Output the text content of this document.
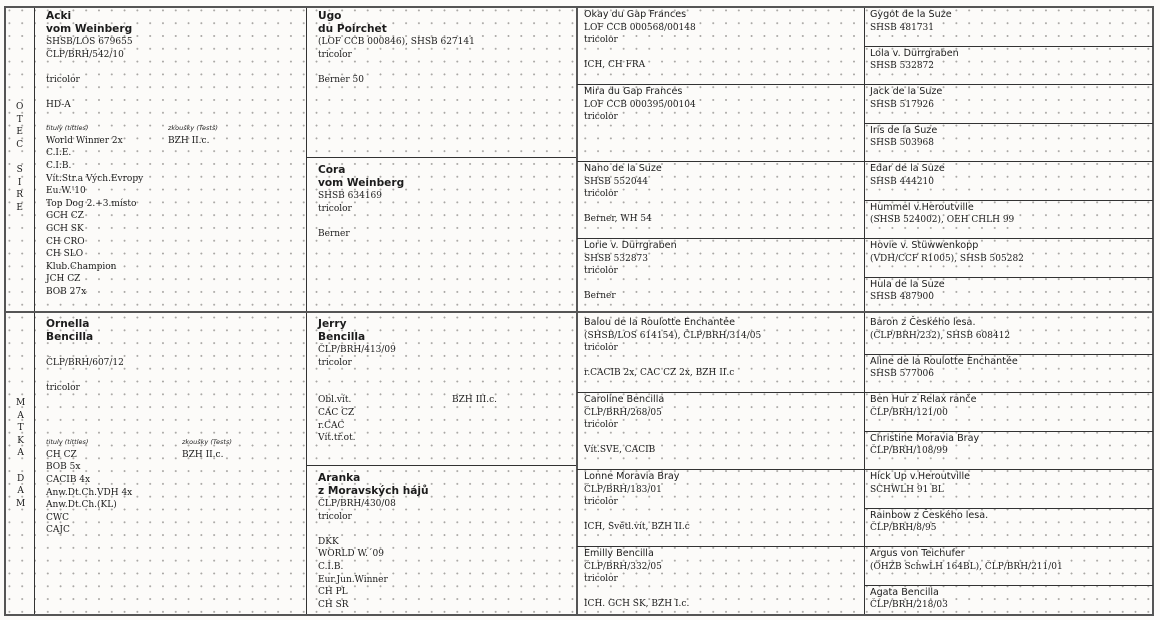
O
T
E
C
S
I
R
E
M
A
T
K
A
D
A
M
Acki
vom Weinberg
SHSB/LOS 679655
ČLP/BRH/542/10
tricolor
HD-A
tituly (tittles)	zkoušky (Tests)
World Winner 2x
C.I.E.
C.I.B.
Vít.Str.a Vých.Evropy
Eu.W.'10
Top Dog 2.+3.místo
GCH CZ
GCH SK
CH CRO
CH SLO
Klub.Champion
JCH CZ
BOB 27x
BZH II.c.
Ornella
Bencilla
ČLP/BRH/607/12
tricolor
tituly (tittles)	zkoušky (Tests)
CH CZ
BOB 5x
CACIB 4x
Anw.Dt.Ch.VDH 4x
Anw.Dt.Ch.(KL)
CWC
CAJC
BZH II.c.
Ugo
du Poirchet
(LOF CCB 000846), SHSB 627141
tricolor
Berner 50
Cora
vom Weinberg
SHSB 634169
tricolor
Berner
Jerry
Bencilla
ČLP/BRH/413/09
tricolor
Obl.vít.
CAC CZ
r.CAC
Vít.tř.ot.
BZH III.c.
Aranka
z Moravských hájů
ČLP/BRH/430/08
tricolor
DKK
WORLD W.´09
C.I.B.
Eur.Jun.Winner
CH PL
CH SR
Okay du Gap Frances
LOF CCB 000568/00148
tricolor
ICH, CH FRA
Mira du Gap Frances
LOF CCB 000395/00104
tricolor
Nano de la Suze
SHSB 552044
tricolor
Berner, WH 54
Lorie v. Dürrgraben
SHSB 532873
tricolor
Berner
Balou de la Roulotte Enchantée
(SHSB/LOS 614154), ČLP/BRH/314/05
tricolor
r.CACIB 2x, CAC CZ 2x, BZH II.c
Caroline Bencilla
ČLP/BRH/268/05
tricolor
Vít.SVE, CACIB
Lonne Moravia Bray
ČLP/BRH/183/01
tricolor
ICH, Světl.vít, BZH II.c
Emilly Bencilla
ČLP/BRH/332/05
tricolor
ICH. GCH SK, BZH I.c.
Gygot de la Suze
SHSB 481731
Lola v. Dürrgraben
SHSB 532872
Jack de la Suze
SHSB 517926
Iris de la Suze
SHSB 503968
Edar de la Suze
SHSB 444210
Hummel v.Heroutville
(SHSB 524002), OEH CHLH 99
Hovie v. Stüwwenkopp
(VDH/CCF R1005), SHSB 505282
Hula de la Suze
SHSB 487900
Baron z Českého lesa.
(ČLP/BRH/232), SHSB 608412
Aline de la Roulotte Enchantée
SHSB 577006
Ben Hur z Relax ranče
ČLP/BRH/121/00
Christine Moravia Bray
ČLP/BRH/108/99
Hick Up v.Heroutville
SCHWLH 91 BL
Rainbow z Českého lesa.
ČLP/BRH/8/95
Argus von Teichufer
(ÖHZB SchwLH 164BL), ČLP/BRH/211/01
Agata Bencilla
ČLP/BRH/218/03
